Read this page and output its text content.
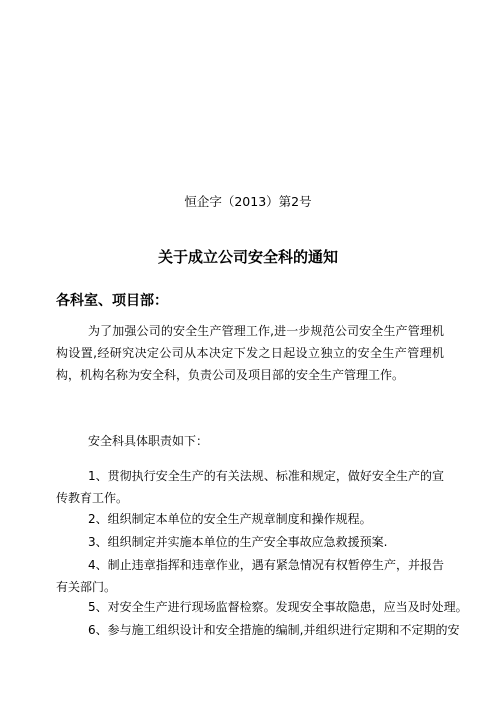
恒企字（2013）第2号
关于成立公司安全科的通知
各科室、项目部：

为了加强公司的安全生产管理工作,进一步规范公司安全生产管理机构设置,经研究决定公司从本决定下发之日起设立独立的安全生产管理机构，机构名称为安全科，负责公司及项目部的安全生产管理工作。

安全科具体职责如下：

1、贯彻执行安全生产的有关法规、标准和规定，做好安全生产的宣传教育工作。

2、组织制定本单位的安全生产规章制度和操作规程。

3、组织制定并实施本单位的生产安全事故应急救援预案.

4、制止违章指挥和违章作业，遇有紧急情况有权暂停生产，并报告有关部门。

5、对安全生产进行现场监督检察。发现安全事故隐患，应当及时处理。

6、参与施工组织设计和安全措施的编制,并组织进行定期和不定期的安
